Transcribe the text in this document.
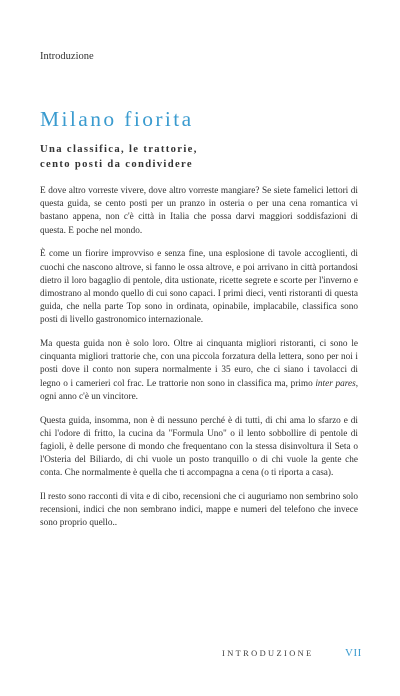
Introduzione
Milano fiorita
Una classifica, le trattorie,
cento posti da condividere

E dove altro vorreste vivere, dove altro vorreste mangiare? Se siete famelici lettori di questa guida, se cento posti per un pranzo in osteria o per una cena romantica vi bastano appena, non c'è città in Italia che possa darvi maggiori soddisfazioni di questa. E poche nel mondo.

È come un fiorire improvviso e senza fine, una esplosione di tavole accoglienti, di cuochi che nascono altrove, si fanno le ossa altrove, e poi arrivano in città portandosi dietro il loro bagaglio di pentole, dita ustionate, ricette segrete e scorte per l'inverno e dimostrano al mondo quello di cui sono capaci. I primi dieci, venti ristoranti di questa guida, che nella parte Top sono in ordinata, opinabile, implacabile, classifica sono posti di livello gastronomico internazionale.

Ma questa guida non è solo loro. Oltre ai cinquanta migliori ristoranti, ci sono le cinquanta migliori trattorie che, con una piccola forzatura della lettera, sono per noi i posti dove il conto non supera normalmente i 35 euro, che ci siano i tavolacci di legno o i camerieri col frac. Le trattorie non sono in classifica ma, primo inter pares, ogni anno c'è un vincitore.

Questa guida, insomma, non è di nessuno perché è di tutti, di chi ama lo sfarzo e di chi l'odore di fritto, la cucina da "Formula Uno" o il lento sobbollire di pentole di fagioli, è delle persone di mondo che frequentano con la stessa disinvoltura il Seta o l'Osteria del Biliardo, di chi vuole un posto tranquillo o di chi vuole la gente che conta. Che normalmente è quella che ti accompagna a cena (o ti riporta a casa).

Il resto sono racconti di vita e di cibo, recensioni che ci auguriamo non sembrino solo recensioni, indici che non sembrano indici, mappe e numeri del telefono che invece sono proprio quello..

INTRODUZIONE	VII
